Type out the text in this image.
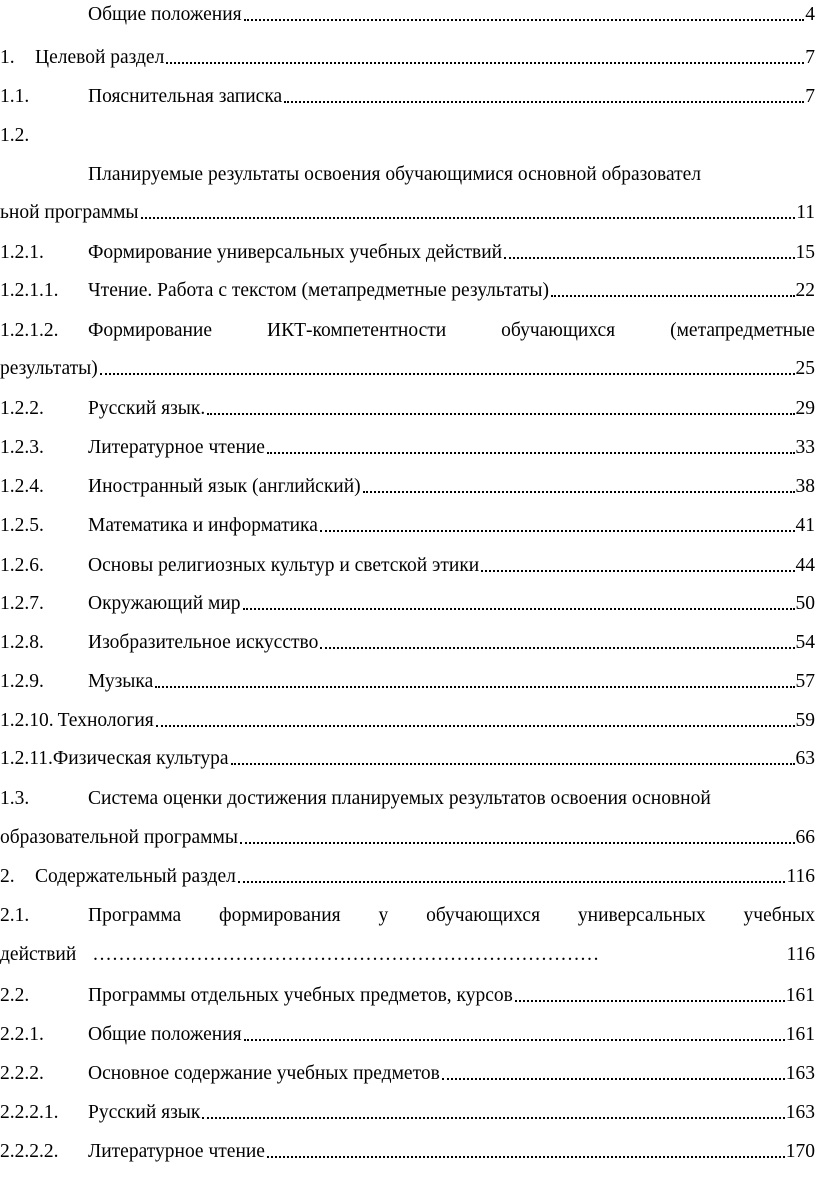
Общие положения	4
1. Целевой раздел	7
1.1.	Пояснительная записка	7
1.2.
Планируемые результаты освоения обучающимися основной образовател
ьной программы	11
1.2.1. Формирование универсальных учебных действий	15
1.2.1.1. Чтение. Работа с текстом (метапредметные результаты)	22
1.2.1.2. Формирование	ИКТ-компетентности	обучающихся	(метапредметные
результаты)	25
1.2.2. Русский язык.	29
1.2.3. Литературное чтение	33
1.2.4. Иностранный язык (английский)	38
1.2.5. Математика и информатика	41
1.2.6. Основы религиозных культур и светской этики	44
1.2.7. Окружающий мир	50
1.2.8. Изобразительное искусство	54
1.2.9. Музыка	57
1.2.10. Технология	59
1.2.11. Физическая культура	63
1.3.	Система оценки достижения планируемых результатов освоения основной
образовательной программы	66
2. Содержательный раздел	116
2.1.	Программа формирования у обучающихся универсальных учебных
действий ……………………………………………………………………	116
2.2.	Программы отдельных учебных предметов, курсов	161
2.2.1. Общие положения	161
2.2.2. Основное содержание учебных предметов	163
2.2.2.1. Русский язык	163
2.2.2.2. Литературное чтение	170
